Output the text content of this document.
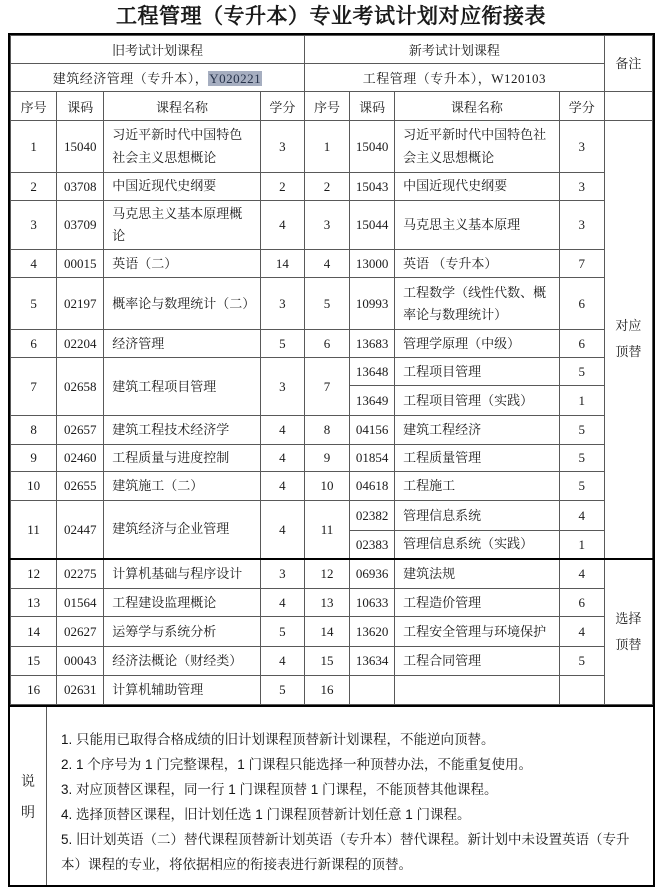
工程管理（专升本）专业考试计划对应衔接表
旧考试计划课程				新考试计划课程				备注
建筑经济管理（专升本），Y020221				工程管理（专升本），W120103				
序号	课码	课程名称	学分	序号	课码	课程名称	学分	
1	15040	习近平新时代中国特色社会主义思想概论	3	1	15040	习近平新时代中国特色社会主义思想概论	3	对应顶替
2	03708	中国近现代史纲要	2	2	15043	中国近现代史纲要	3	
3	03709	马克思主义基本原理概论	4	3	15044	马克思主义基本原理	3	
4	00015	英语（二）	14	4	13000	英语 （专升本）	7	
5	02197	概率论与数理统计（二）	3	5	10993	工程数学（线性代数、概率论与数理统计）	6	
6	02204	经济管理	5	6	13683	管理学原理（中级）	6	
7	02658	建筑工程项目管理	3	7	13648	工程项目管理	5	
					13649	工程项目管理（实践）	1	
8	02657	建筑工程技术经济学	4	8	04156	建筑工程经济	5	
9	02460	工程质量与进度控制	4	9	01854	工程质量管理	5	
10	02655	建筑施工（二）	4	10	04618	工程施工	5	
11	02447	建筑经济与企业管理	4	11	02382	管理信息系统	4	
					02383	管理信息系统（实践）	1	
12	02275	计算机基础与程序设计	3	12	06936	建筑法规	4	选择顶替
13	01564	工程建设监理概论	4	13	10633	工程造价管理	6	
14	02627	运筹学与系统分析	5	14	13620	工程安全管理与环境保护	4	
15	00043	经济法概论（财经类）	4	15	13634	工程合同管理	5	
16	02631	计算机辅助管理	5	16				
说
明
1. 只能用已取得合格成绩的旧计划课程顶替新计划课程，不能逆向顶替。
2. 1 个序号为 1 门完整课程，1 门课程只能选择一种顶替办法，不能重复使用。
3. 对应顶替区课程，同一行 1 门课程顶替 1 门课程，不能顶替其他课程。
4. 选择顶替区课程，旧计划任选 1 门课程顶替新计划任意 1 门课程。
5. 旧计划英语（二）替代课程顶替新计划英语（专升本）替代课程。新计划中未设置英语（专升本）课程的专业，将依据相应的衔接表进行新课程的顶替。
